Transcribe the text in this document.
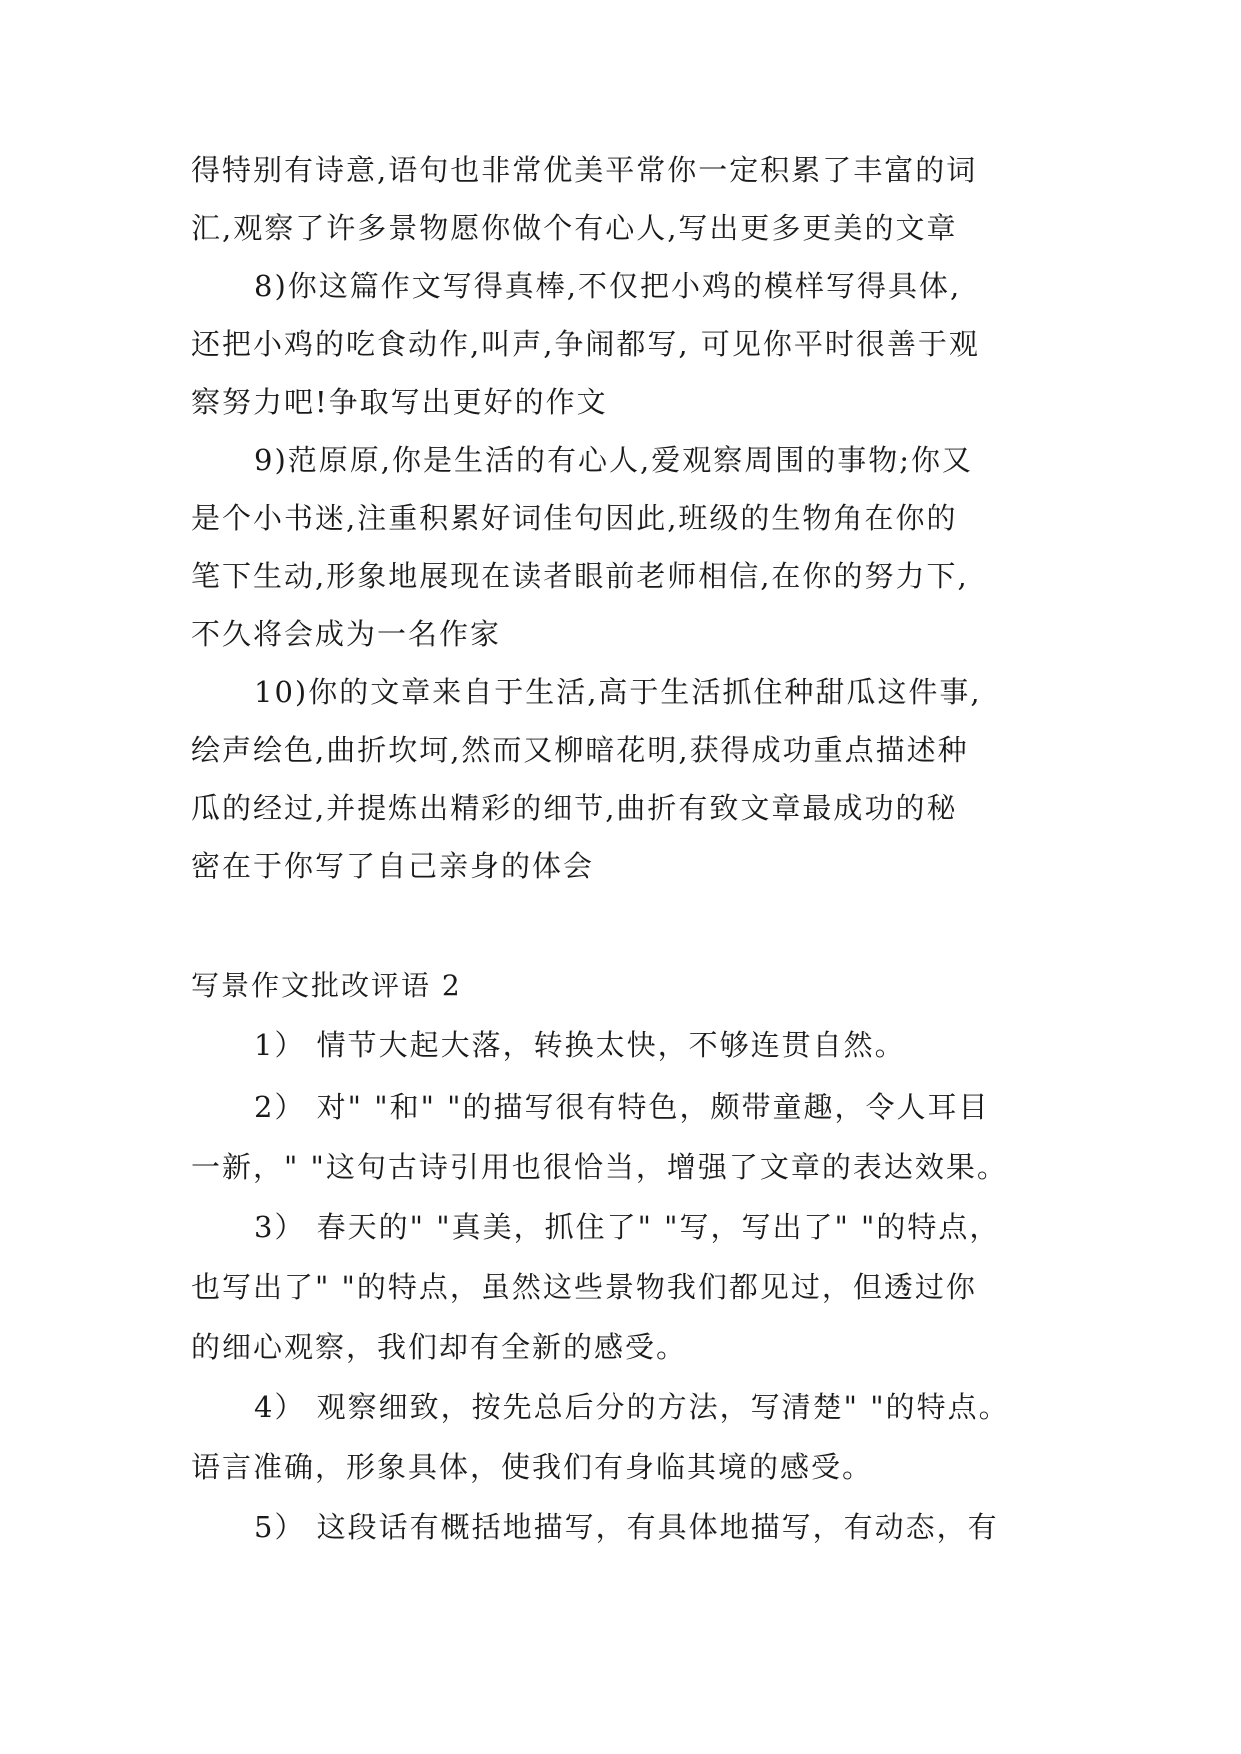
得特别有诗意,语句也非常优美平常你一定积累了丰富的词
汇,观察了许多景物愿你做个有心人,写出更多更美的文章
8)你这篇作文写得真棒,不仅把小鸡的模样写得具体,
还把小鸡的吃食动作,叫声,争闹都写, 可见你平时很善于观
察努力吧!争取写出更好的作文
9)范原原,你是生活的有心人,爱观察周围的事物;你又
是个小书迷,注重积累好词佳句因此,班级的生物角在你的
笔下生动,形象地展现在读者眼前老师相信,在你的努力下,
不久将会成为一名作家
10)你的文章来自于生活,高于生活抓住种甜瓜这件事,
绘声绘色,曲折坎坷,然而又柳暗花明,获得成功重点描述种
瓜的经过,并提炼出精彩的细节,曲折有致文章最成功的秘
密在于你写了自己亲身的体会
写景作文批改评语 2
1） 情节大起大落，转换太快，不够连贯自然。
2） 对" "和" "的描写很有特色，颇带童趣，令人耳目
一新，" "这句古诗引用也很恰当，增强了文章的表达效果。
3） 春天的" "真美，抓住了" "写，写出了" "的特点，
也写出了" "的特点，虽然这些景物我们都见过，但透过你
的细心观察，我们却有全新的感受。
4） 观察细致，按先总后分的方法，写清楚" "的特点。
语言准确，形象具体，使我们有身临其境的感受。
5） 这段话有概括地描写，有具体地描写，有动态，有
